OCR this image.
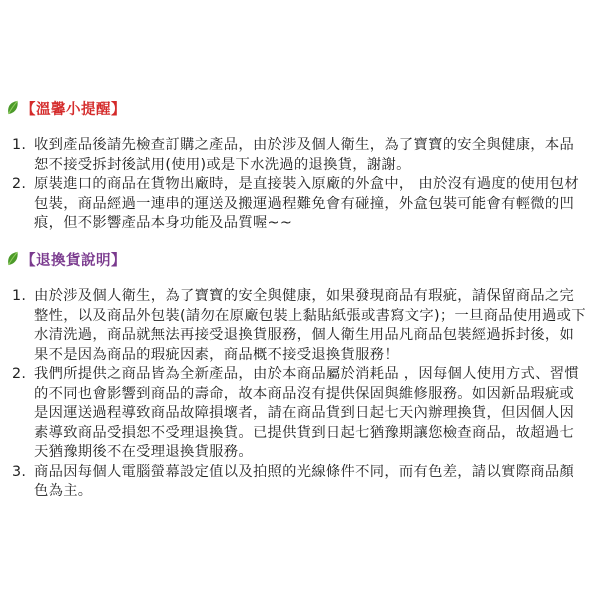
【溫馨小提醒】
1. 收到產品後請先檢查訂購之產品，由於涉及個人衛生，為了寶寶的安全與健康，本品恕不接受拆封後試用(使用)或是下水洗過的退換貨，謝謝。
2. 原裝進口的商品在貨物出廠時，是直接裝入原廠的外盒中， 由於沒有過度的使用包材包裝，商品經過一連串的運送及搬運過程難免會有碰撞，外盒包裝可能會有輕微的凹痕，但不影響產品本身功能及品質喔~~
【退換貨說明】
1. 由於涉及個人衛生，為了寶寶的安全與健康，如果發現商品有瑕疵，請保留商品之完整性，以及商品外包裝(請勿在原廠包裝上黏貼紙張或書寫文字)；一旦商品使用過或下水清洗過，商品就無法再接受退換貨服務，個人衛生用品凡商品包裝經過拆封後，如果不是因為商品的瑕疵因素，商品概不接受退換貨服務！
2. 我們所提供之商品皆為全新產品，由於本商品屬於消耗品 ，因每個人使用方式、習慣的不同也會影響到商品的壽命，故本商品沒有提供保固與維修服務。如因新品瑕疵或是因運送過程導致商品故障損壞者，請在商品貨到日起七天內辦理換貨，但因個人因素導致商品受損恕不受理退換貨。已提供貨到日起七猶豫期讓您檢查商品，故超過七天猶豫期後不在受理退換貨服務。
3. 商品因每個人電腦螢幕設定值以及拍照的光線條件不同，而有色差，請以實際商品顏色為主。
